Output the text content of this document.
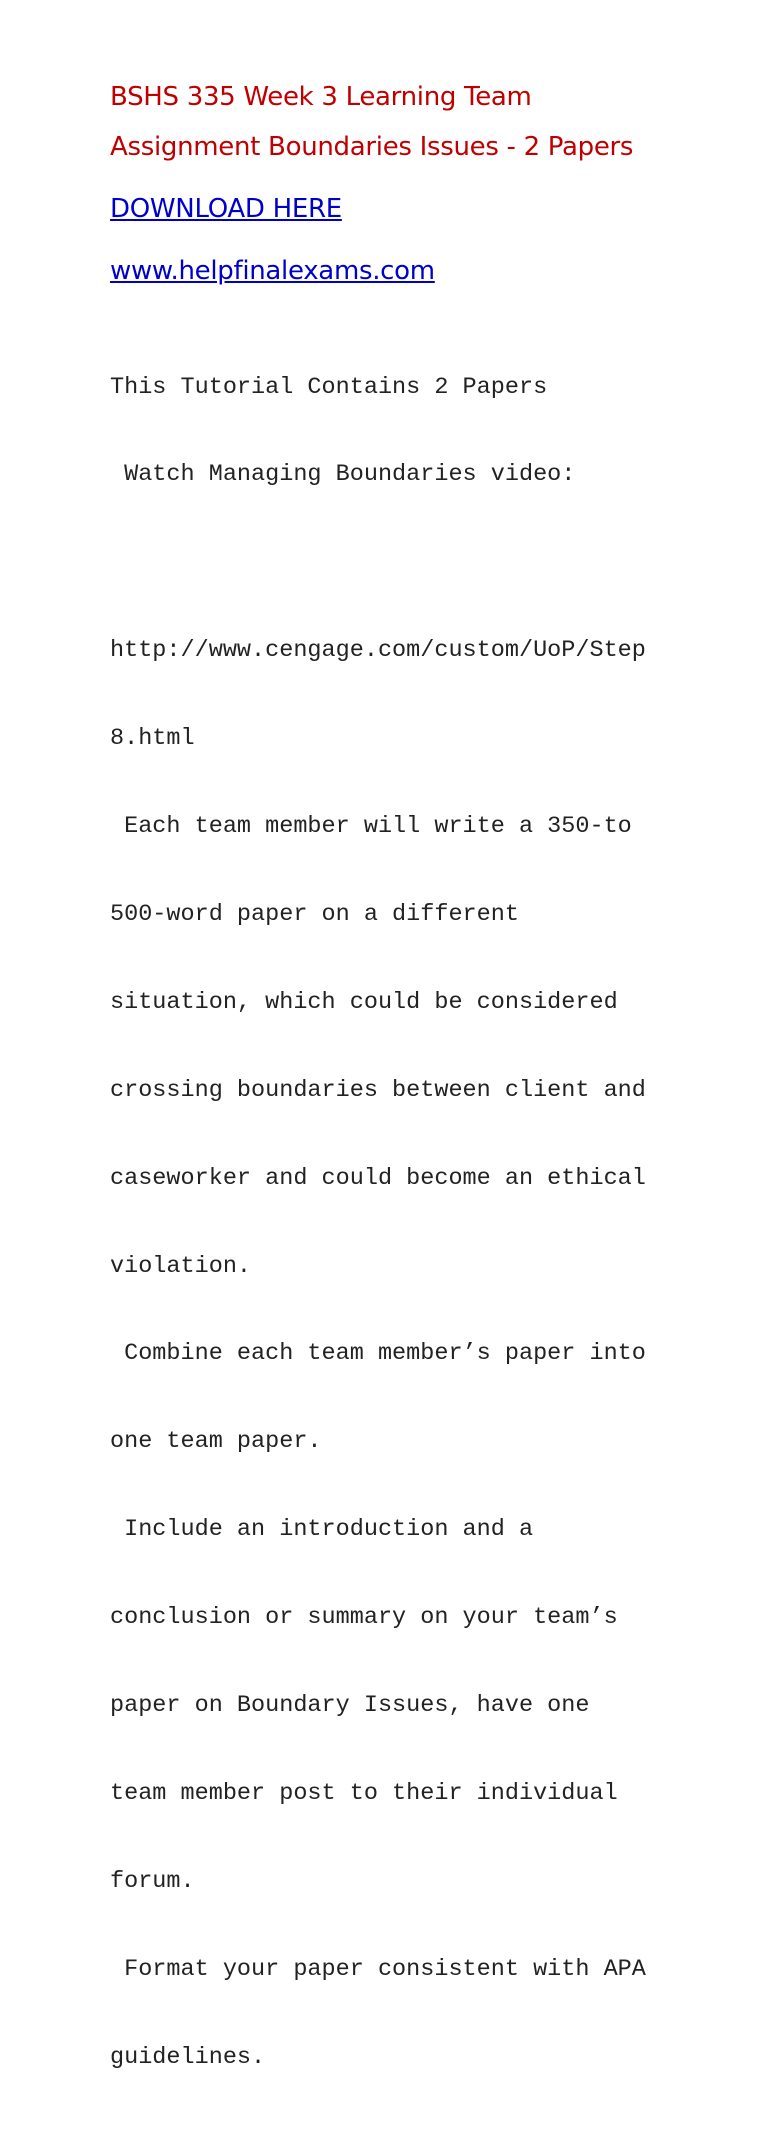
BSHS 335 Week 3 Learning Team
Assignment Boundaries Issues - 2 Papers
DOWNLOAD HERE
www.helpfinalexams.com

This Tutorial Contains 2 Papers

Watch Managing Boundaries video:

http://www.cengage.com/custom/UoP/Step

8.html

Each team member will write a 350-to

500-word paper on a different

situation, which could be considered

crossing boundaries between client and

caseworker and could become an ethical

violation.

Combine each team member’s paper into

one team paper.

Include an introduction and a

conclusion or summary on your team’s

paper on Boundary Issues, have one

team member post to their individual

forum.

Format your paper consistent with APA

guidelines.
